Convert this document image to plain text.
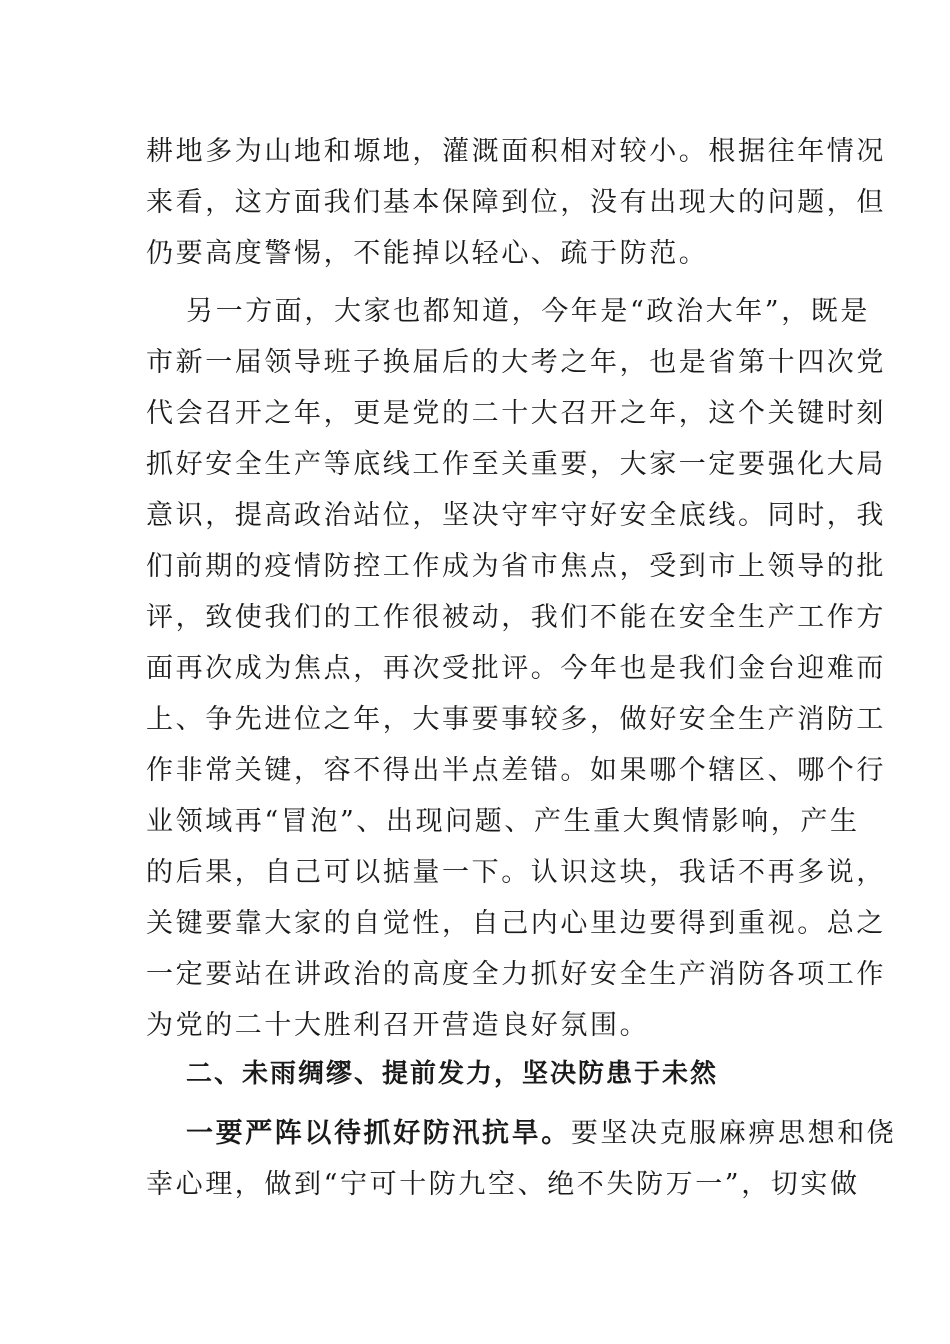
耕地多为山地和塬地，灌溉面积相对较小。根据往年情况
来看，这方面我们基本保障到位，没有出现大的问题，但
仍要高度警惕，不能掉以轻心、疏于防范。
另一方面，大家也都知道，今年是“政治大年”，既是
市新一届领导班子换届后的大考之年，也是省第十四次党
代会召开之年，更是党的二十大召开之年，这个关键时刻
抓好安全生产等底线工作至关重要，大家一定要强化大局
意识，提高政治站位，坚决守牢守好安全底线。同时，我
们前期的疫情防控工作成为省市焦点，受到市上领导的批
评，致使我们的工作很被动，我们不能在安全生产工作方
面再次成为焦点，再次受批评。今年也是我们金台迎难而
上、争先进位之年，大事要事较多，做好安全生产消防工
作非常关键，容不得出半点差错。如果哪个辖区、哪个行
业领域再“冒泡”、出现问题、产生重大舆情影响，产生
的后果，自己可以掂量一下。认识这块，我话不再多说，
关键要靠大家的自觉性，自己内心里边要得到重视。总之
一定要站在讲政治的高度全力抓好安全生产消防各项工作
为党的二十大胜利召开营造良好氛围。
二、未雨绸缪、提前发力，坚决防患于未然
一要严阵以待抓好防汛抗旱。要坚决克服麻痹思想和侥
幸心理，做到“宁可十防九空、绝不失防万一”，切实做
